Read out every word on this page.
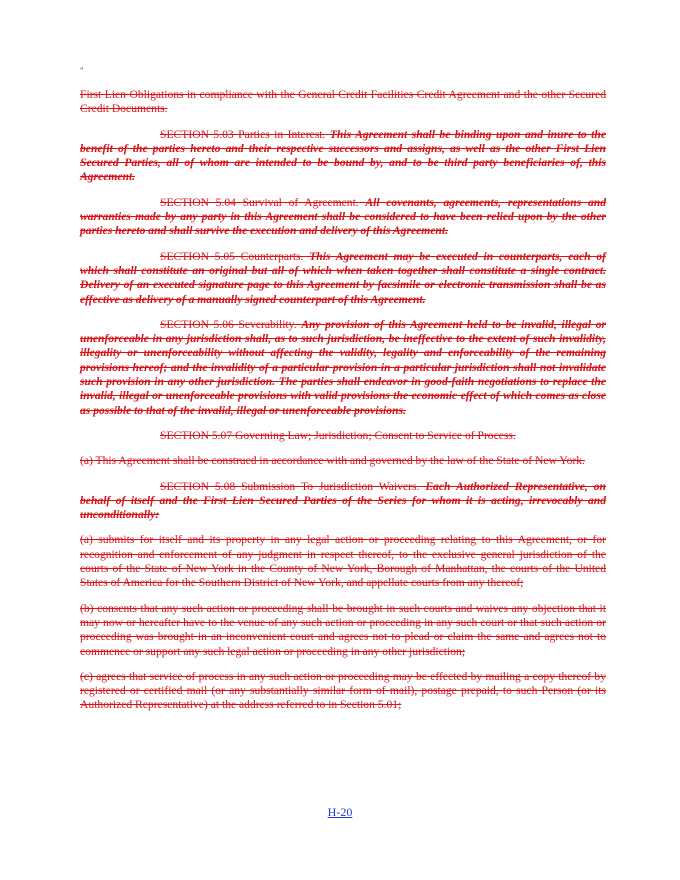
"

First Lien Obligations in compliance with the General Credit Facilities Credit Agreement and the other Secured Credit Documents.

SECTION 5.03 Parties in Interest. This Agreement shall be binding upon and inure to the benefit of the parties hereto and their respective successors and assigns, as well as the other First Lien Secured Parties, all of whom are intended to be bound by, and to be third party beneficiaries of, this Agreement.

SECTION 5.04 Survival of Agreement. All covenants, agreements, representations and warranties made by any party in this Agreement shall be considered to have been relied upon by the other parties hereto and shall survive the execution and delivery of this Agreement.

SECTION 5.05 Counterparts. This Agreement may be executed in counterparts, each of which shall constitute an original but all of which when taken together shall constitute a single contract. Delivery of an executed signature page to this Agreement by facsimile or electronic transmission shall be as effective as delivery of a manually signed counterpart of this Agreement.

SECTION 5.06 Severability. Any provision of this Agreement held to be invalid, illegal or unenforceable in any jurisdiction shall, as to such jurisdiction, be ineffective to the extent of such invalidity, illegality or unenforceability without affecting the validity, legality and enforceability of the remaining provisions hereof; and the invalidity of a particular provision in a particular jurisdiction shall not invalidate such provision in any other jurisdiction. The parties shall endeavor in good-faith negotiations to replace the invalid, illegal or unenforceable provisions with valid provisions the economic effect of which comes as close as possible to that of the invalid, illegal or unenforceable provisions.

SECTION 5.07 Governing Law; Jurisdiction; Consent to Service of Process.

(a) This Agreement shall be construed in accordance with and governed by the law of the State of New York.

SECTION 5.08 Submission To Jurisdiction Waivers. Each Authorized Representative, on behalf of itself and the First Lien Secured Parties of the Series for whom it is acting, irrevocably and unconditionally:

(a) submits for itself and its property in any legal action or proceeding relating to this Agreement, or for recognition and enforcement of any judgment in respect thereof, to the exclusive general jurisdiction of the courts of the State of New York in the County of New York, Borough of Manhattan, the courts of the United States of America for the Southern District of New York, and appellate courts from any thereof;

(b) consents that any such action or proceeding shall be brought in such courts and waives any objection that it may now or hereafter have to the venue of any such action or proceeding in any such court or that such action or proceeding was brought in an inconvenient court and agrees not to plead or claim the same and agrees not to commence or support any such legal action or proceeding in any other jurisdiction;

(c) agrees that service of process in any such action or proceeding may be effected by mailing a copy thereof by registered or certified mail (or any substantially similar form of mail), postage prepaid, to such Person (or its Authorized Representative) at the address referred to in Section 5.01;

H-20
